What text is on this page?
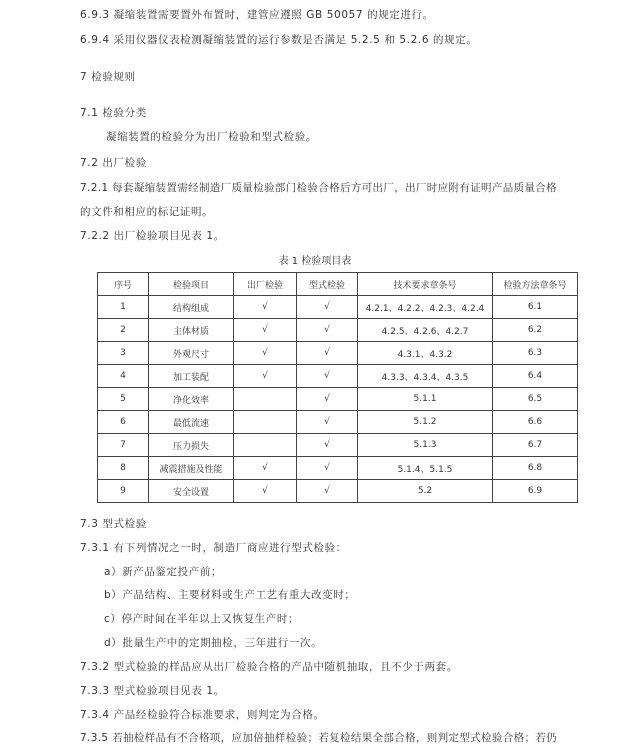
6.9.3 凝缩装置需要置外布置时，建管应遵照 GB 50057 的规定进行。
6.9.4 采用仪器仪表检测凝缩装置的运行参数是否满足 5.2.5 和 5.2.6 的规定。
7 检验规则
7.1 检验分类
凝缩装置的检验分为出厂检验和型式检验。
7.2 出厂检验
7.2.1 每套凝缩装置需经制造厂质量检验部门检验合格后方可出厂，出厂时应附有证明产品质量合格
的文件和相应的标记证明。
7.2.2 出厂检验项目见表 1。
表 1 检验项目表
序号	检验项目	出厂检验	型式检验	技术要求章条号	检验方法章条号
1	结构组成	√	√	4.2.1、4.2.2、4.2.3、4.2.4	6.1
2	主体材质	√	√	4.2.5、4.2.6、4.2.7	6.2
3	外观尺寸	√	√	4.3.1、4.3.2	6.3
4	加工装配	√	√	4.3.3、4.3.4、4.3.5	6.4
5	净化效率		√	5.1.1	6.5
6	最低流速		√	5.1.2	6.6
7	压力损失		√	5.1.3	6.7
8	减震措施及性能	√	√	5.1.4、5.1.5	6.8
9	安全设置	√	√	5.2	6.9
7.3 型式检验
7.3.1 有下列情况之一时，制造厂商应进行型式检验：
a）新产品鉴定投产前；
b）产品结构、主要材料或生产工艺有重大改变时；
c）停产时间在半年以上又恢复生产时；
d）批量生产中的定期抽检，三年进行一次。
7.3.2 型式检验的样品应从出厂检验合格的产品中随机抽取，且不少于两套。
7.3.3 型式检验项目见表 1。
7.3.4 产品经检验符合标准要求，则判定为合格。
7.3.5 若抽检样品有不合格项，应加倍抽样检验；若复检结果全部合格，则判定型式检验合格；若仍
